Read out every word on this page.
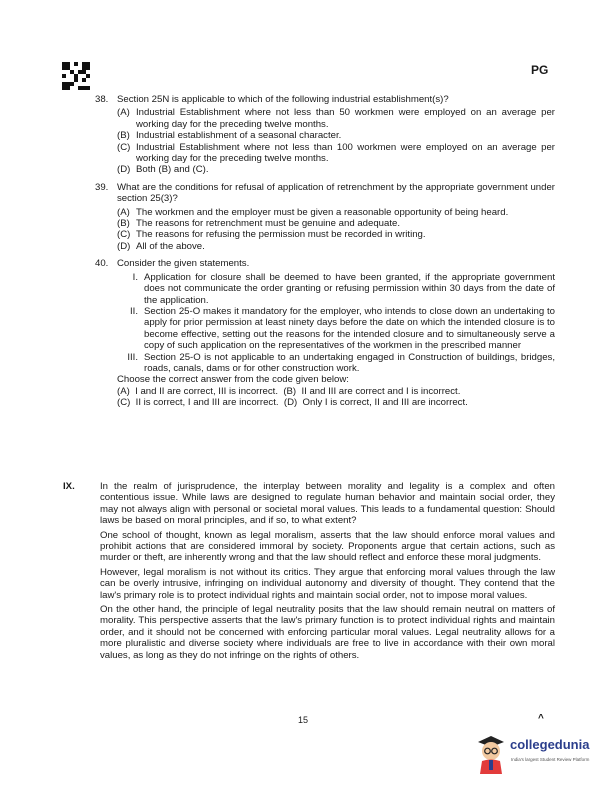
PG
38. Section 25N is applicable to which of the following industrial establishment(s)?
(A) Industrial Establishment where not less than 50 workmen were employed on an average per working day for the preceding twelve months.
(B) Industrial establishment of a seasonal character.
(C) Industrial Establishment where not less than 100 workmen were employed on an average per working day for the preceding twelve months.
(D) Both (B) and (C).
39. What are the conditions for refusal of application of retrenchment by the appropriate government under section 25(3)?
(A) The workmen and the employer must be given a reasonable opportunity of being heard.
(B) The reasons for retrenchment must be genuine and adequate.
(C) The reasons for refusing the permission must be recorded in writing.
(D) All of the above.
40. Consider the given statements.
I. Application for closure shall be deemed to have been granted, if the appropriate government does not communicate the order granting or refusing permission within 30 days from the date of the application.
II. Section 25-O makes it mandatory for the employer, who intends to close down an undertaking to apply for prior permission at least ninety days before the date on which the intended closure is to become effective, setting out the reasons for the intended closure and to simultaneously serve a copy of such application on the representatives of the workmen in the prescribed manner
III. Section 25-O is not applicable to an undertaking engaged in Construction of buildings, bridges, roads, canals, dams or for other construction work.
Choose the correct answer from the code given below:
(A)  I and II are correct, III is incorrect.  (B)  II and III are correct and I is incorrect.
(C)  II is correct, I and III are incorrect.  (D)  Only I is correct, II and III are incorrect.
IX.	In the realm of jurisprudence, the interplay between morality and legality is a complex and often contentious issue. While laws are designed to regulate human behavior and maintain social order, they may not always align with personal or societal moral values. This leads to a fundamental question: Should laws be based on moral principles, and if so, to what extent?

One school of thought, known as legal moralism, asserts that the law should enforce moral values and prohibit actions that are considered immoral by society. Proponents argue that certain actions, such as murder or theft, are inherently wrong and that the law should reflect and enforce these moral judgments.

However, legal moralism is not without its critics. They argue that enforcing moral values through the law can be overly intrusive, infringing on individual autonomy and diversity of thought. They contend that the law's primary role is to protect individual rights and maintain social order, not to impose moral values.

On the other hand, the principle of legal neutrality posits that the law should remain neutral on matters of morality. This perspective asserts that the law's primary function is to protect individual rights and maintain order, and it should not be concerned with enforcing particular moral values. Legal neutrality allows for a more pluralistic and diverse society where individuals are free to live in accordance with their own moral values, as long as they do not infringe on the rights of others.

15	^
collegedunia
India's largest Student Review Platform
